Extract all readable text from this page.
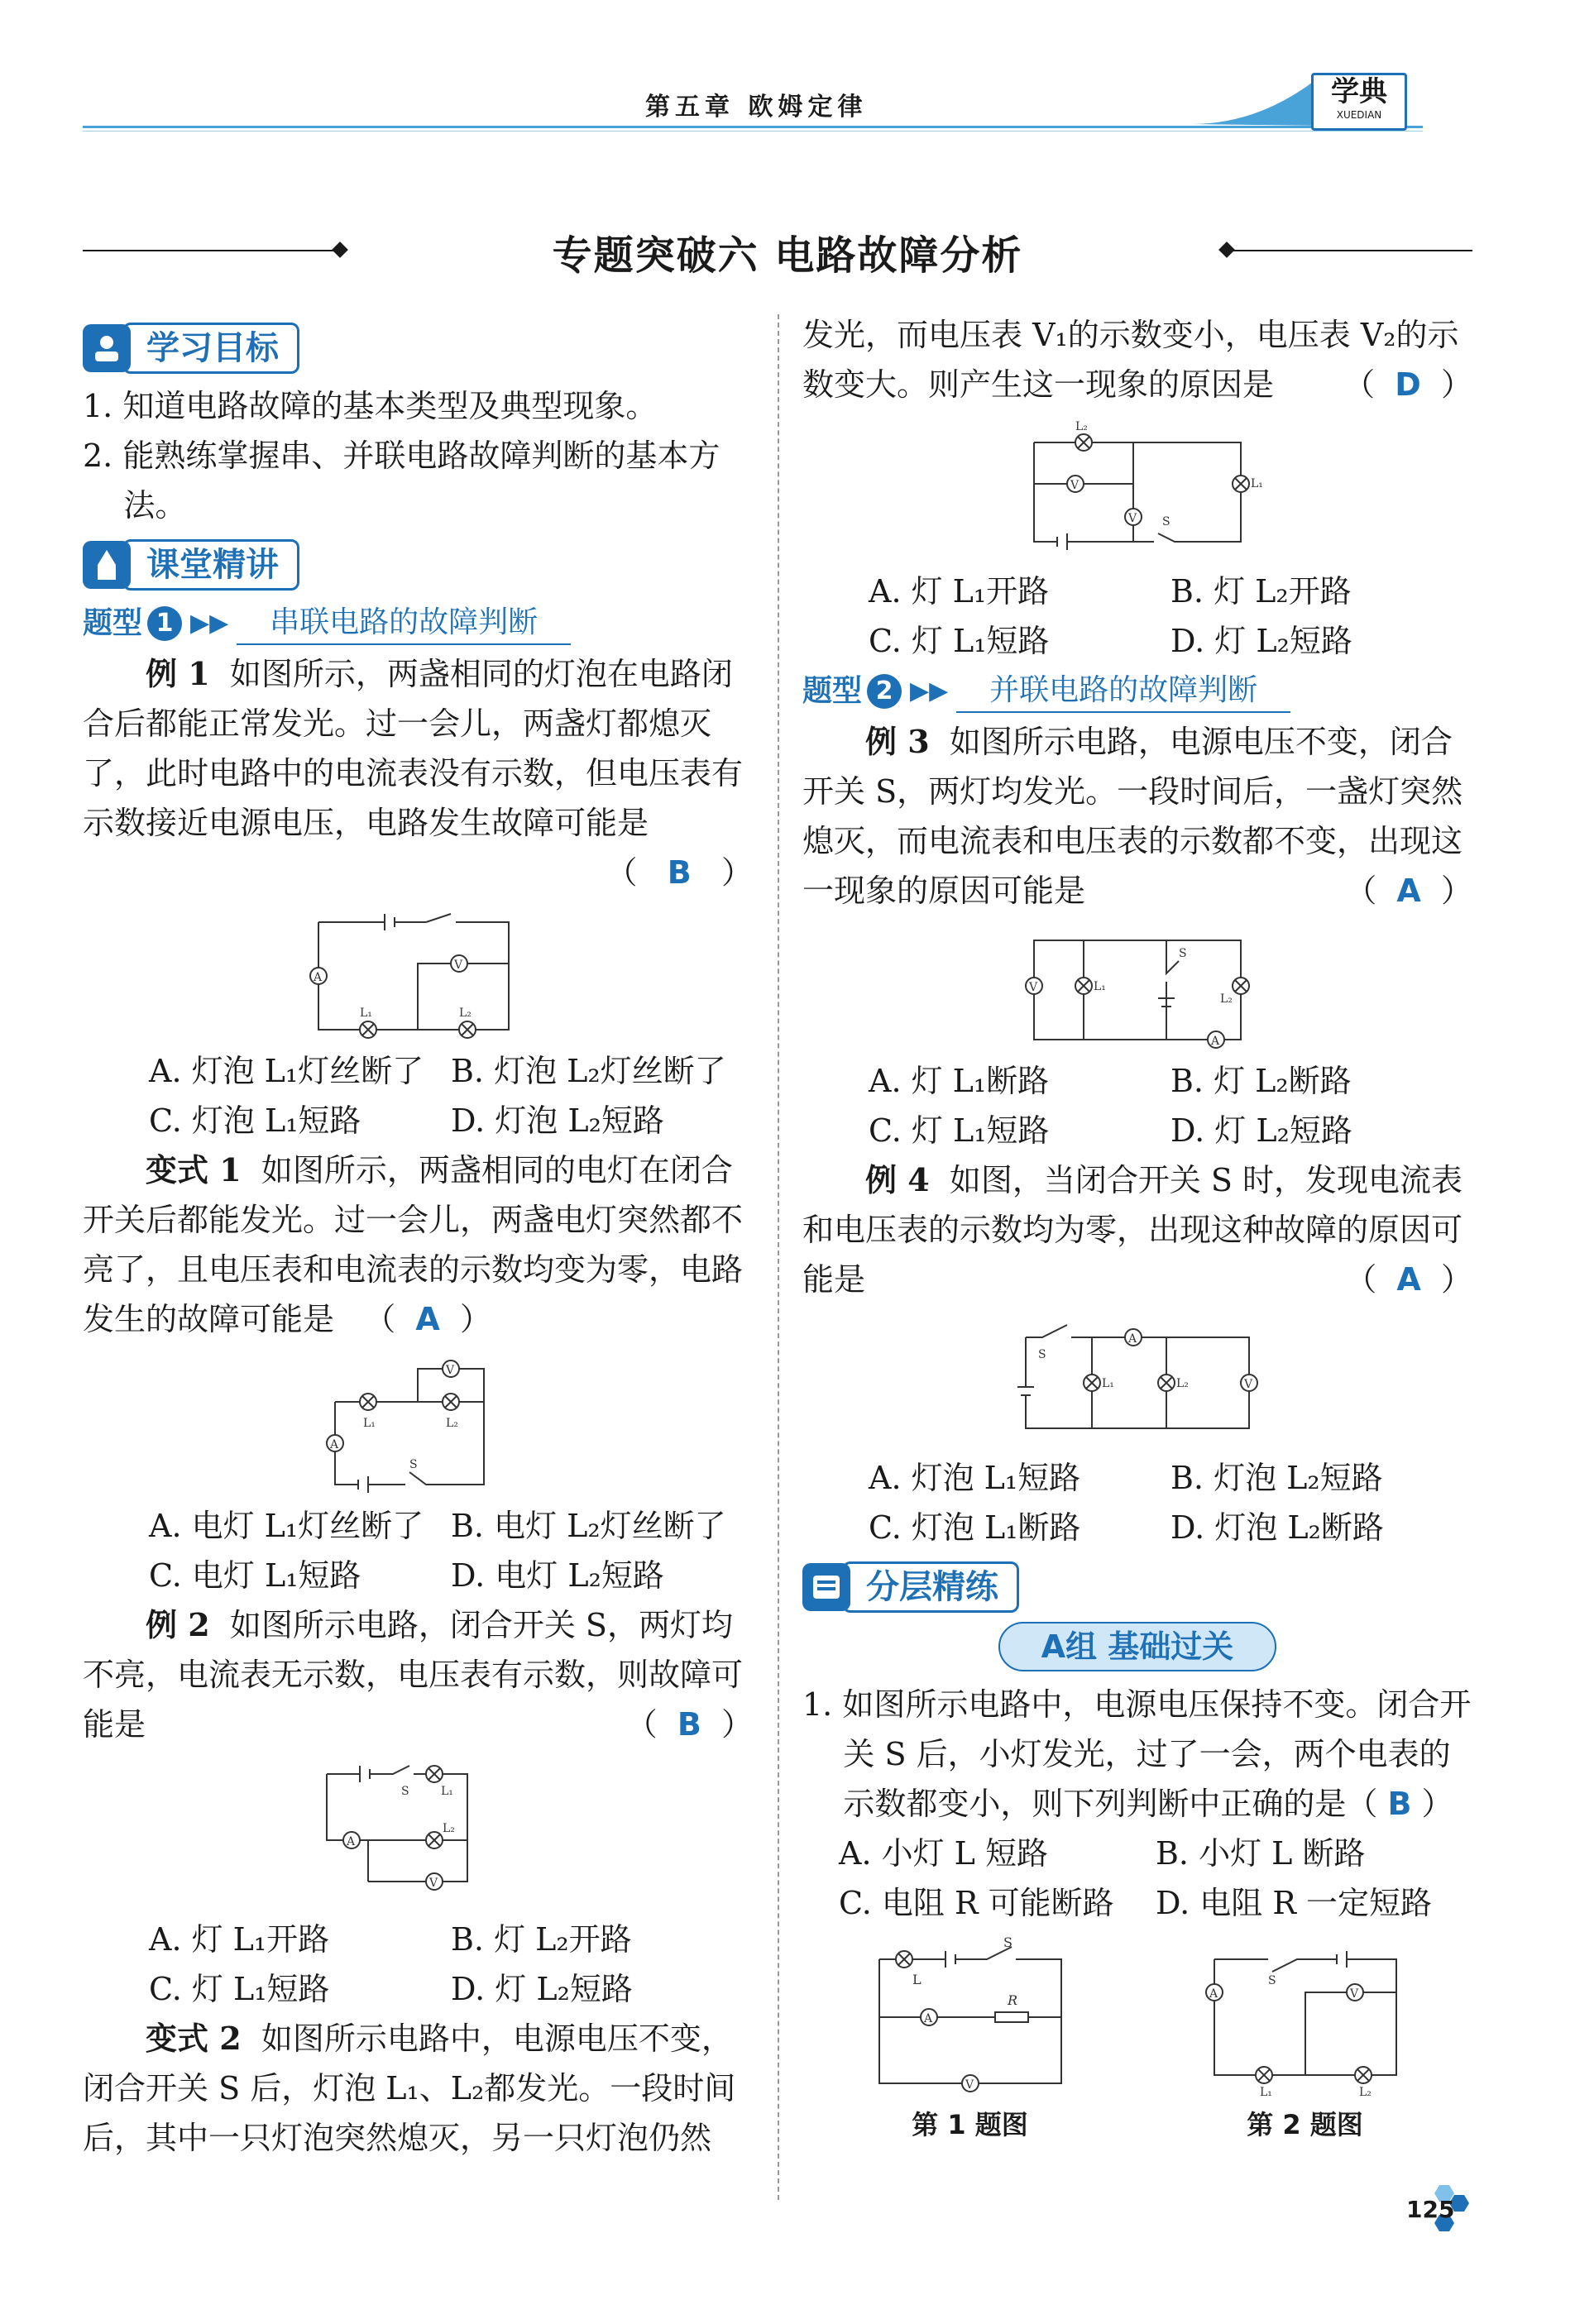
第五章 欧姆定律	学典
XUEDIAN
专题突破六 电路故障分析
学习目标

1. 知道电路故障的基本类型及典型现象。

2. 能熟练掌握串、并联电路故障判断的基本方法。

课堂精讲
题型 1 ▶▶	串联电路的故障判断

例 1 如图所示，两盏相同的灯泡在电路闭合后都能正常发光。过一会儿，两盏灯都熄灭了，此时电路中的电流表没有示数，但电压表有示数接近电源电压，电路发生故障可能是

（   B   ）

A
V
L₁	L₂
A. 灯泡 L₁灯丝断了 B. 灯泡 L₂灯丝断了
C. 灯泡 L₁短路	D. 灯泡 L₂短路

变式 1 如图所示，两盏相同的电灯在闭合开关后都能发光。过一会儿，两盏电灯突然都不亮了，且电压表和电流表的示数均变为零，电路发生的故障可能是   （  A  ）

V
A
L₁	L₂
S
A. 电灯 L₁灯丝断了 B. 电灯 L₂灯丝断了
C. 电灯 L₁短路	D. 电灯 L₂短路

例 2 如图所示电路，闭合开关 S，两灯均不亮，电流表无示数，电压表有示数，则故障可能是	（  B  ）

A
V
S	L₁
L₂
A. 灯 L₁开路	B. 灯 L₂开路
C. 灯 L₁短路	D. 灯 L₂短路

变式 2 如图所示电路中，电源电压不变，闭合开关 S 后，灯泡 L₁、L₂都发光。一段时间后，其中一只灯泡突然熄灭，另一只灯泡仍然

发光，而电压表 V₁的示数变小，电压表 V₂的示数变大。则产生这一现象的原因是 （  D  ）

V
V
L₂
L₁
S
A. 灯 L₁开路	B. 灯 L₂开路
C. 灯 L₁短路	D. 灯 L₂短路
题型 2 ▶▶	并联电路的故障判断

例 3 如图所示电路，电源电压不变，闭合开关 S，两灯均发光。一段时间后，一盏灯突然熄灭，而电流表和电压表的示数都不变，出现这一现象的原因可能是	（  A  ）

V
A
L₁
L₂
S
A. 灯 L₁断路	B. 灯 L₂断路
C. 灯 L₁短路	D. 灯 L₂短路

例 4 如图，当闭合开关 S 时，发现电流表和电压表的示数均为零，出现这种故障的原因可能是	（  A  ）

A
V
S
L₁	L₂
A. 灯泡 L₁短路	B. 灯泡 L₂短路
C. 灯泡 L₁断路	D. 灯泡 L₂断路
分层精练
A组 基础过关

1. 如图所示电路中，电源电压保持不变。闭合开关 S 后，小灯发光，过了一会，两个电表的示数都变小，则下列判断中正确的是（ B ）

A. 小灯 L 短路	B. 小灯 L 断路
C. 电阻 R 可能断路	D. 电阻 R 一定短路
A
V
L
R
S
A	V
L₁	L₂
S
第 1 题图	第 2 题图
125
